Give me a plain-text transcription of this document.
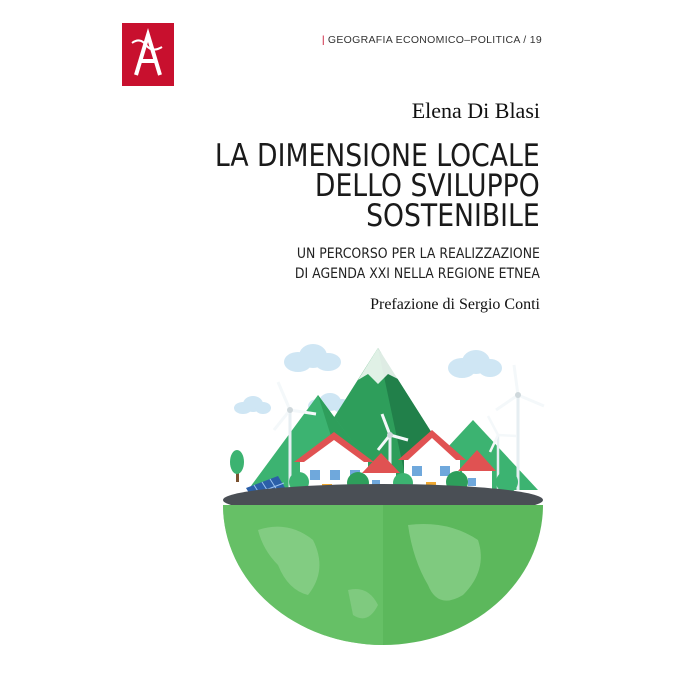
| GEOGRAFIA ECONOMICO–POLITICA / 19
Elena Di Blasi
LA DIMENSIONE LOCALE
DELLO SVILUPPO
SOSTENIBILE
UN PERCORSO PER LA REALIZZAZIONE
DI AGENDA XXI NELLA REGIONE ETNEA
Prefazione di Sergio Conti
